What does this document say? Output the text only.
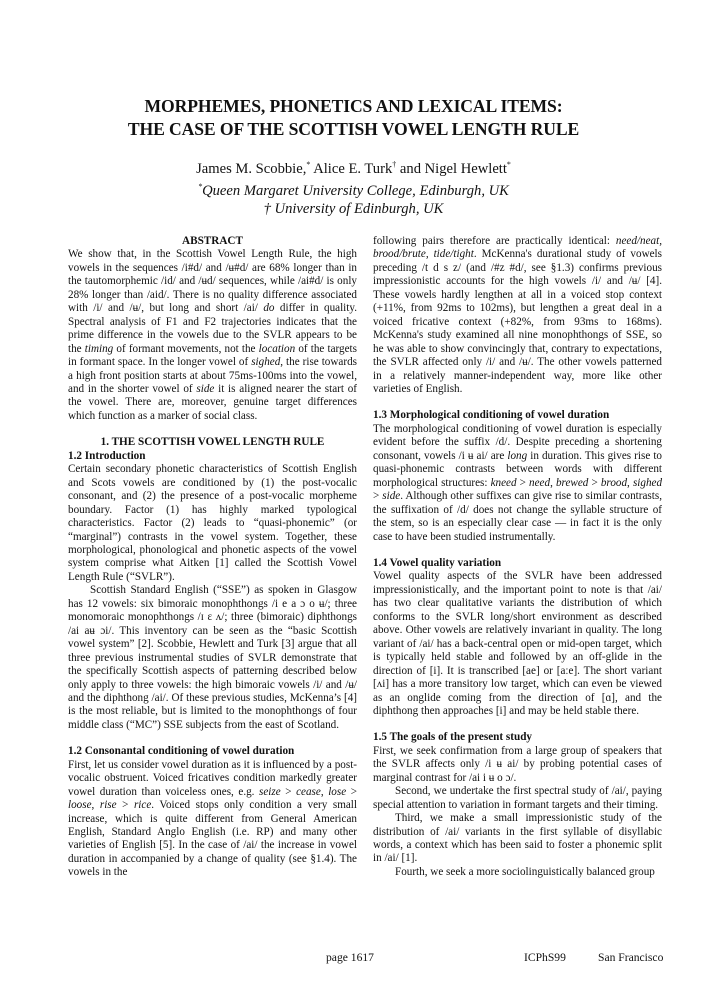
MORPHEMES, PHONETICS AND LEXICAL ITEMS:
THE CASE OF THE SCOTTISH VOWEL LENGTH RULE
James M. Scobbie,* Alice E. Turk† and Nigel Hewlett*
*Queen Margaret University College, Edinburgh, UK
† University of Edinburgh, UK

ABSTRACT

We show that, in the Scottish Vowel Length Rule, the high vowels in the sequences /i#d/ and /ʉ#d/ are 68% longer than in the tautomorphemic /id/ and /ʉd/ sequences, while /ai#d/ is only 28% longer than /aid/. There is no quality difference associated with /i/ and /ʉ/, but long and short /ai/ do differ in quality. Spectral analysis of F1 and F2 trajectories indicates that the prime difference in the vowels due to the SVLR appears to be the timing of formant movements, not the location of the targets in formant space. In the longer vowel of sighed, the rise towards a high front position starts at about 75ms-100ms into the vowel, and in the shorter vowel of side it is aligned nearer the start of the vowel. There are, moreover, genuine target differences which function as a marker of social class.

1. THE SCOTTISH VOWEL LENGTH RULE

1.2 Introduction

Certain secondary phonetic characteristics of Scottish English and Scots vowels are conditioned by (1) the post-vocalic consonant, and (2) the presence of a post-vocalic morpheme boundary. Factor (1) has highly marked typological characteristics. Factor (2) leads to “quasi-phonemic” (or “marginal”) contrasts in the vowel system. Together, these morphological, phonological and phonetic aspects of the vowel system comprise what Aitken [1] called the Scottish Vowel Length Rule (“SVLR”).

Scottish Standard English (“SSE”) as spoken in Glasgow has 12 vowels: six bimoraic monophthongs /i e a ɔ o ʉ/; three monomoraic monophthongs /ɪ ɛ ʌ/; three (bimoraic) diphthongs /ai aʉ ɔi/. This inventory can be seen as the “basic Scottish vowel system” [2]. Scobbie, Hewlett and Turk [3] argue that all three previous instrumental studies of SVLR demonstrate that the specifically Scottish aspects of patterning described below only apply to three vowels: the high bimoraic vowels /i/ and /ʉ/ and the diphthong /ai/. Of these previous studies, McKenna’s [4] is the most reliable, but is limited to the monophthongs of four middle class (“MC”) SSE subjects from the east of Scotland.

1.2 Consonantal conditioning of vowel duration

First, let us consider vowel duration as it is influenced by a post-vocalic obstruent. Voiced fricatives condition markedly greater vowel duration than voiceless ones, e.g. seize > cease, lose > loose, rise > rice. Voiced stops only condition a very small increase, which is quite different from General American English, Standard Anglo English (i.e. RP) and many other varieties of English [5]. In the case of /ai/ the increase in vowel duration in accompanied by a change of quality (see §1.4). The vowels in the

following pairs therefore are practically identical: need/neat, brood/brute, tide/tight. McKenna's durational study of vowels preceding /t d s z/ (and /#z #d/, see §1.3) confirms previous impressionistic accounts for the high vowels /i/ and /ʉ/ [4]. These vowels hardly lengthen at all in a voiced stop context (+11%, from 92ms to 102ms), but lengthen a great deal in a voiced fricative context (+82%, from 93ms to 168ms). McKenna's study examined all nine monophthongs of SSE, so he was able to show convincingly that, contrary to expectations, the SVLR affected only /i/ and /ʉ/. The other vowels patterned in a relatively manner-independent way, more like other varieties of English.

1.3 Morphological conditioning of vowel duration

The morphological conditioning of vowel duration is especially evident before the suffix /d/. Despite preceding a shortening consonant, vowels /i ʉ ai/ are long in duration. This gives rise to quasi-phonemic contrasts between words with different morphological structures: kneed > need, brewed > brood, sighed > side. Although other suffixes can give rise to similar contrasts, the suffixation of /d/ does not change the syllable structure of the stem, so is an especially clear case — in fact it is the only case to have been studied instrumentally.

1.4 Vowel quality variation

Vowel quality aspects of the SVLR have been addressed impressionistically, and the important point to note is that /ai/ has two clear qualitative variants the distribution of which conforms to the SVLR long/short environment as described above. Other vowels are relatively invariant in quality. The long variant of /ai/ has a back-central open or mid-open target, which is typically held stable and followed by an off-glide in the direction of [i]. It is transcribed [ae] or [aːe]. The short variant [ʌi] has a more transitory low target, which can even be viewed as an onglide coming from the direction of [ɑ], and the diphthong then approaches [i] and may be held stable there.

1.5 The goals of the present study

First, we seek confirmation from a large group of speakers that the SVLR affects only /i ʉ ai/ by probing potential cases of marginal contrast for /ai i ʉ o ɔ/.

Second, we undertake the first spectral study of /ai/, paying special attention to variation in formant targets and their timing.

Third, we make a small impressionistic study of the distribution of /ai/ variants in the first syllable of disyllabic words, a context which has been said to foster a phonemic split in /ai/ [1].

Fourth, we seek a more sociolinguistically balanced group

page 1617	ICPhS99	San Francisco
